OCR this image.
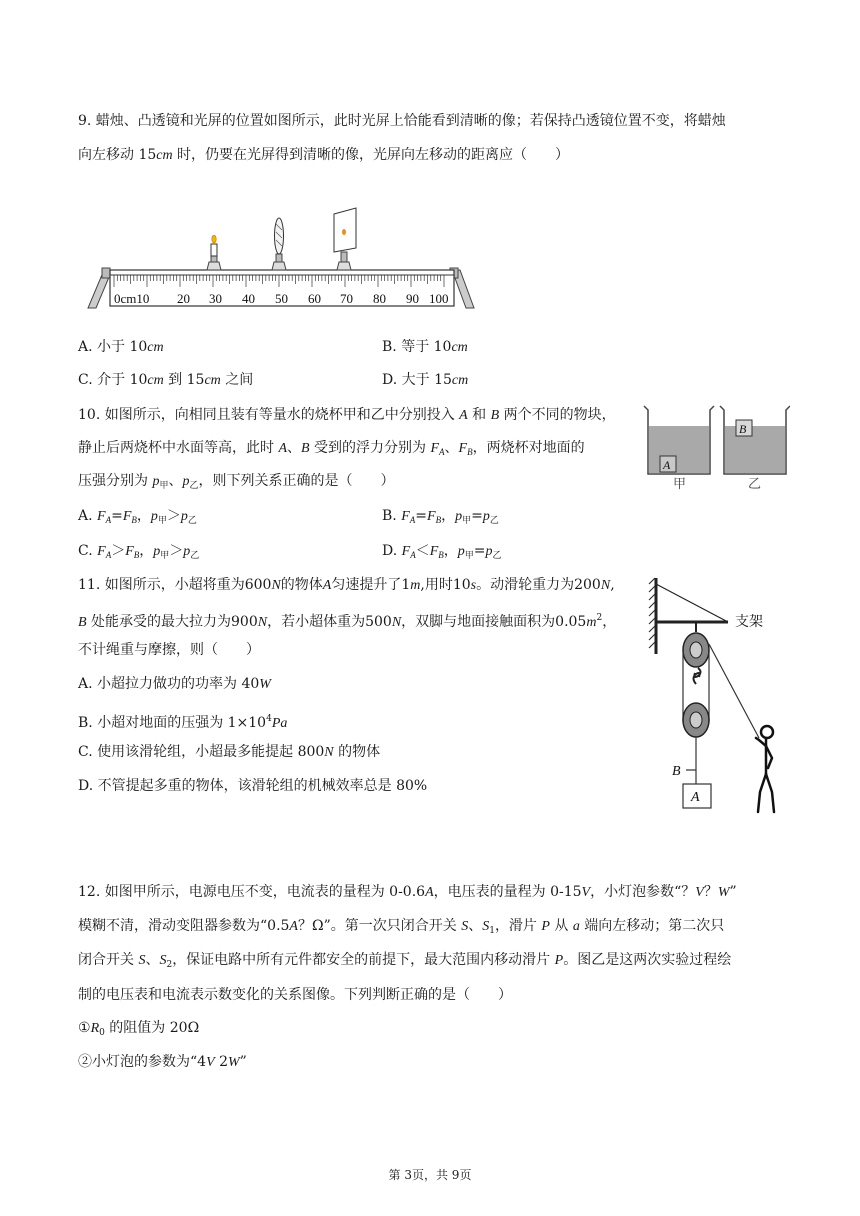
9. 蜡烛、凸透镜和光屏的位置如图所示，此时光屏上恰能看到清晰的像；若保持凸透镜位置不变，将蜡烛
向左移动 15cm 时，仍要在光屏得到清晰的像，光屏向左移动的距离应（　　）
0cm10 20 30 40 50 60 70 80 90 100
A. 小于 10cm	B. 等于 10cm
C. 介于 10cm 到 15cm 之间	D. 大于 15cm
10. 如图所示，向相同且装有等量水的烧杯甲和乙中分别投入 A 和 B 两个不同的物块，
静止后两烧杯中水面等高，此时 A、B 受到的浮力分别为 $F_A$、$F_B$，两烧杯对地面的
压强分别为 $p_甲$、$p_乙$，则下列关系正确的是（　　）
A
甲
B
乙
A. $F_A=F_B$，$p_甲>p_乙$	B. $F_A=F_B$，$p_甲=p_乙$
C. $F_A>F_B$，$p_甲>p_乙$	D. $F_A<F_B$，$p_甲=p_乙$
11. 如图所示，小超将重为600N的物体A匀速提升了1m,用时10s。动滑轮重力为200N,
B 处能承受的最大拉力为900N，若小超体重为500N，双脚与地面接触面积为$0.05m^2$，
不计绳重与摩擦，则（　　）
A. 小超拉力做功的功率为 40W
B. 小超对地面的压强为 $1\times 10^4Pa$
C. 使用该滑轮组，小超最多能提起 800N 的物体
D. 不管提起多重的物体，该滑轮组的机械效率总是 80%
支架
B
A
12. 如图甲所示，电源电压不变，电流表的量程为 0-0.6A，电压表的量程为 0-15V，小灯泡参数“？V？W”
模糊不清，滑动变阻器参数为“0.5A？Ω”。第一次只闭合开关 S、$S_1$，滑片 P 从 a 端向左移动；第二次只
闭合开关 S、$S_2$，保证电路中所有元件都安全的前提下，最大范围内移动滑片 P。图乙是这两次实验过程绘
制的电压表和电流表示数变化的关系图像。下列判断正确的是（　　）
$①R_0$ 的阻值为 20Ω
②小灯泡的参数为“4V 2W”
第 3页，共 9页
